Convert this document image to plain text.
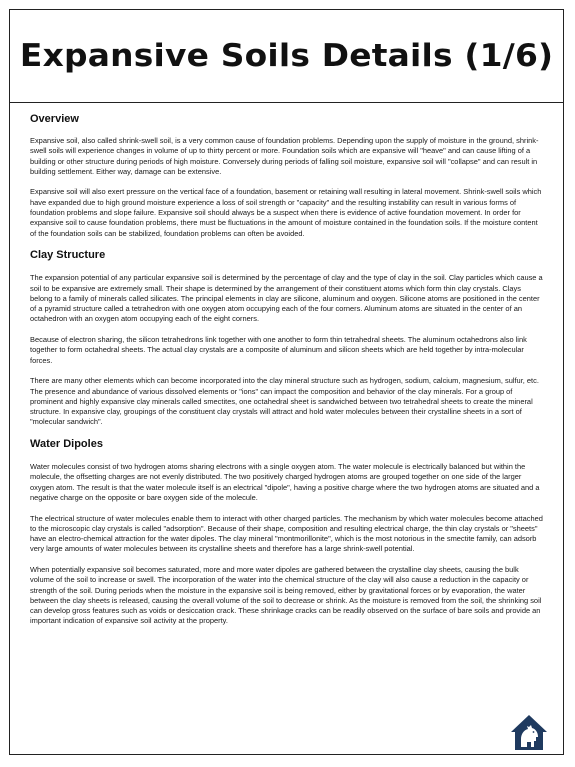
Expansive Soils Details (1/6)
Overview

Expansive soil, also called shrink-swell soil, is a very common cause of foundation problems. Depending upon the supply of moisture in the ground, shrink-swell soils will experience changes in volume of up to thirty percent or more. Foundation soils which are expansive will "heave" and can cause lifting of a building or other structure during periods of high moisture. Conversely during periods of falling soil moisture, expansive soil will "collapse" and can result in building settlement. Either way, damage can be extensive.

Expansive soil will also exert pressure on the vertical face of a foundation, basement or retaining wall resulting in lateral movement. Shrink-swell soils which have expanded due to high ground moisture experience a loss of soil strength or "capacity" and the resulting instability can result in various forms of foundation problems and slope failure. Expansive soil should always be a suspect when there is evidence of active foundation movement. In order for expansive soil to cause foundation problems, there must be fluctuations in the amount of moisture contained in the foundation soils. If the moisture content of the foundation soils can be stabilized, foundation problems can often be avoided.

Clay Structure

The expansion potential of any particular expansive soil is determined by the percentage of clay and the type of clay in the soil. Clay particles which cause a soil to be expansive are extremely small. Their shape is determined by the arrangement of their constituent atoms which form thin clay crystals. Clays belong to a family of minerals called silicates. The principal elements in clay are silicone, aluminum and oxygen. Silicone atoms are positioned in the center of a pyramid structure called a tetrahedron with one oxygen atom occupying each of the four corners. Aluminum atoms are situated in the center of an octahedron with an oxygen atom occupying each of the eight corners.

Because of electron sharing, the silicon tetrahedrons link together with one another to form thin tetrahedral sheets. The aluminum octahedrons also link together to form octahedral sheets. The actual clay crystals are a composite of aluminum and silicon sheets which are held together by intra-molecular forces.

There are many other elements which can become incorporated into the clay mineral structure such as hydrogen, sodium, calcium, magnesium, sulfur, etc. The presence and abundance of various dissolved elements or "ions" can impact the composition and behavior of the clay minerals. For a group of prominent and highly expansive clay minerals called smectites, one octahedral sheet is sandwiched between two tetrahedral sheets to create the mineral structure. In expansive clay, groupings of the constituent clay crystals will attract and hold water molecules between their crystalline sheets in a sort of "molecular sandwich".

Water Dipoles

Water molecules consist of two hydrogen atoms sharing electrons with a single oxygen atom. The water molecule is electrically balanced but within the molecule, the offsetting charges are not evenly distributed. The two positively charged hydrogen atoms are grouped together on one side of the larger oxygen atom. The result is that the water molecule itself is an electrical "dipole", having a positive charge where the two hydrogen atoms are situated and a negative charge on the opposite or bare oxygen side of the molecule.

The electrical structure of water molecules enable them to interact with other charged particles. The mechanism by which water molecules become attached to the microscopic clay crystals is called "adsorption". Because of their shape, composition and resulting electrical charge, the thin clay crystals or "sheets" have an electro-chemical attraction for the water dipoles. The clay mineral "montmorillonite", which is the most notorious in the smectite family, can adsorb very large amounts of water molecules between its crystalline sheets and therefore has a large shrink-swell potential.

When potentially expansive soil becomes saturated, more and more water dipoles are gathered between the crystalline clay sheets, causing the bulk volume of the soil to increase or swell. The incorporation of the water into the chemical structure of the clay will also cause a reduction in the capacity or strength of the soil. During periods when the moisture in the expansive soil is being removed, either by gravitational forces or by evaporation, the water between the clay sheets is released, causing the overall volume of the soil to decrease or shrink. As the moisture is removed from the soil, the shrinking soil can develop gross features such as voids or desiccation crack. These shrinkage cracks can be readily observed on the surface of bare soils and provide an important indication of expansive soil activity at the property.
